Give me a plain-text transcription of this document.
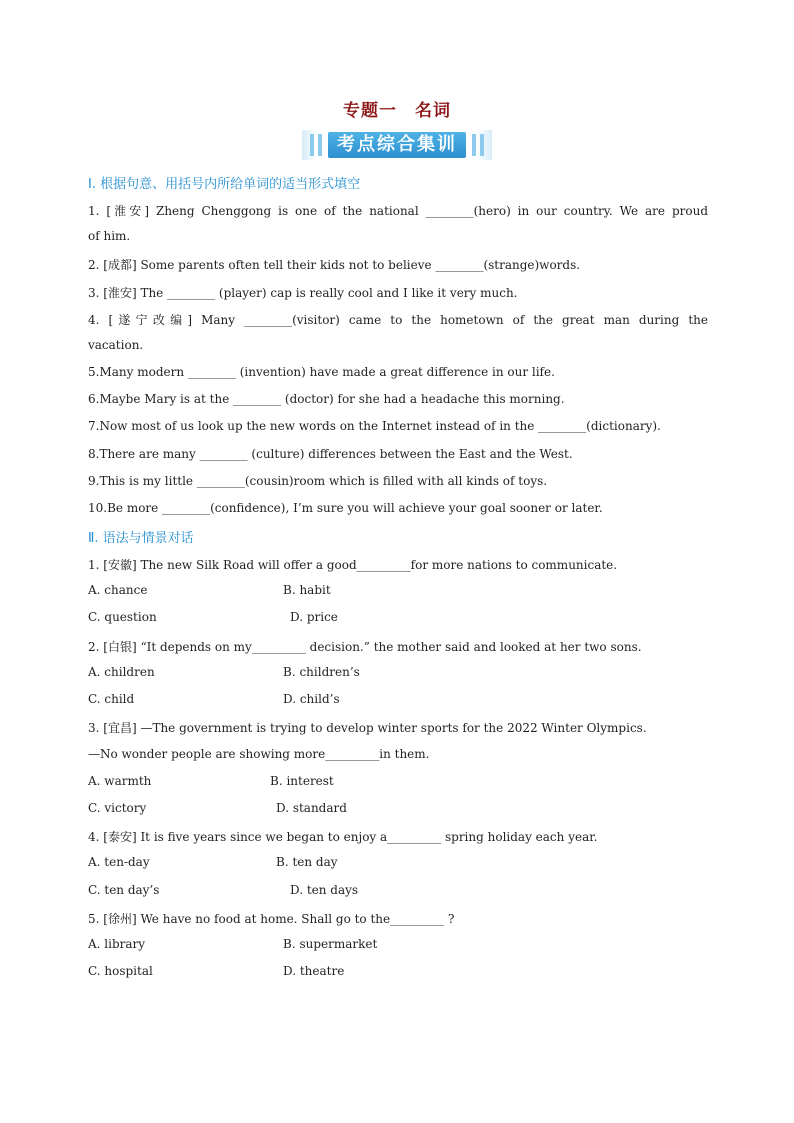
专题一　名词
考点综合集训
Ⅰ. 根据句意、用括号内所给单词的适当形式填空
1. [淮安] Zheng Chenggong is one of the national ________(hero) in our country. We are proud
of him.
2. [成都] Some parents often tell their kids not to believe ________(strange)words.
3. [淮安] The ________ (player) cap is really cool and I like it very much.
4. [遂宁改编] Many ________(visitor) came to the hometown of the great man during the
vacation.
5.Many modern ________ (invention) have made a great difference in our life.
6.Maybe Mary is at the ________ (doctor) for she had a headache this morning.
7.Now most of us look up the new words on the Internet instead of in the ________(dictionary).
8.There are many ________ (culture) differences between the East and the West.
9.This is my little ________(cousin)room which is filled with all kinds of toys.
10.Be more ________(confidence), I’m sure you will achieve your goal sooner or later.
Ⅱ. 语法与情景对话
1. [安徽] The new Silk Road will offer a good_________for more nations to communicate.
A. chance	B. habit
C. question	D. price
2. [白银] “It depends on my_________ decision.” the mother said and looked at her two sons.
A. children	B. children’s
C. child	D. child’s
3. [宜昌] —The government is trying to develop winter sports for the 2022 Winter Olympics.
—No wonder people are showing more_________in them.
A. warmth	B. interest
C. victory	D. standard
4. [泰安] It is five years since we began to enjoy a_________ spring holiday each year.
A. ten-day	B. ten day
C. ten day’s	D. ten days
5. [徐州] We have no food at home. Shall go to the_________ ?
A. library	B. supermarket
C. hospital	D. theatre
